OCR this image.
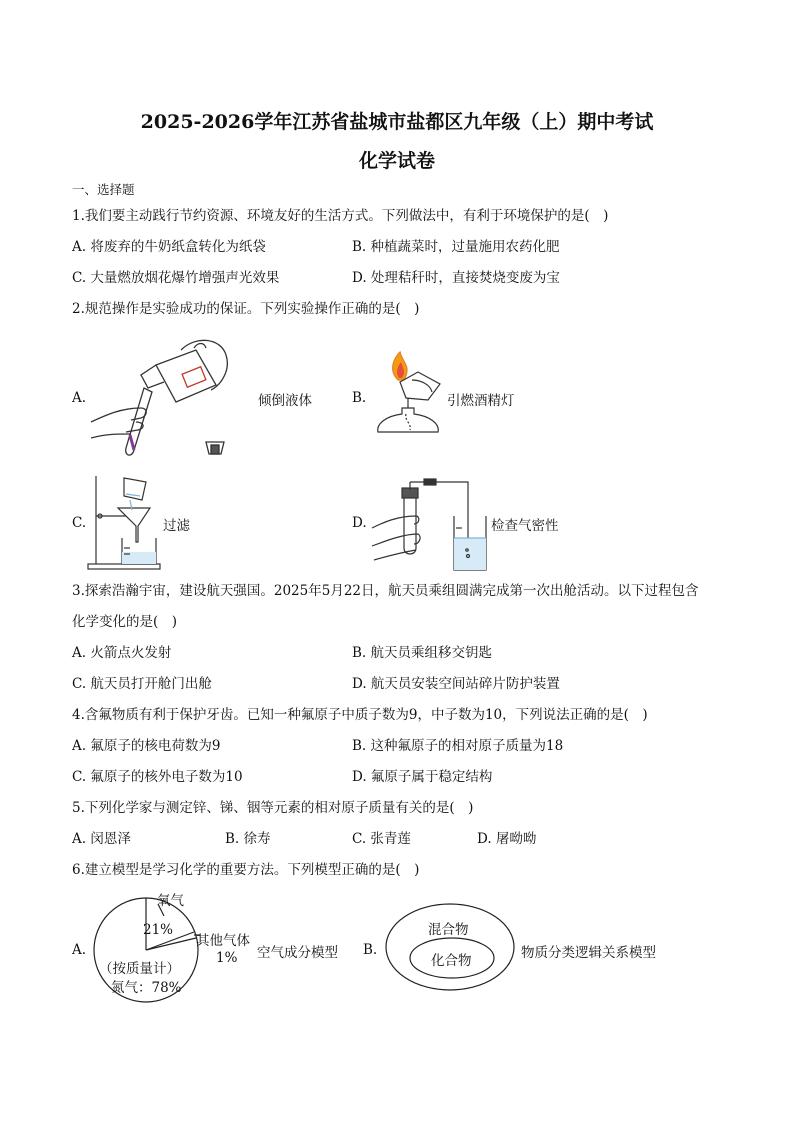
2025-2026学年江苏省盐城市盐都区九年级（上）期中考试
化学试卷
一、选择题
1.我们要主动践行节约资源、环境友好的生活方式。下列做法中，有利于环境保护的是(　)
A. 将废弃的牛奶纸盒转化为纸袋	B. 种植蔬菜时，过量施用农药化肥
C. 大量燃放烟花爆竹增强声光效果	D. 处理秸秆时，直接焚烧变废为宝
2.规范操作是实验成功的保证。下列实验操作正确的是(　)
A.	倾倒液体	B.	引燃酒精灯
C.	过滤	D.	检查气密性
3.探索浩瀚宇宙，建设航天强国。2025年5月22日，航天员乘组圆满完成第一次出舱活动。以下过程包含
化学变化的是(　)
A. 火箭点火发射	B. 航天员乘组移交钥匙
C. 航天员打开舱门出舱	D. 航天员安装空间站碎片防护装置
4.含氟物质有利于保护牙齿。已知一种氟原子中质子数为9，中子数为10，下列说法正确的是(　)
A. 氟原子的核电荷数为9	B. 这种氟原子的相对原子质量为18
C. 氟原子的核外电子数为10	D. 氟原子属于稳定结构
5.下列化学家与测定锌、锑、铟等元素的相对原子质量有关的是(　)
A. 闵恩泽	B. 徐寿	C. 张青莲	D. 屠呦呦
6.建立模型是学习化学的重要方法。下列模型正确的是(　)
A.
氧气
21%
其他气体
1%
（按质量计）
氮气：78%
空气成分模型 B.
混合物
化合物	物质分类逻辑关系模型
